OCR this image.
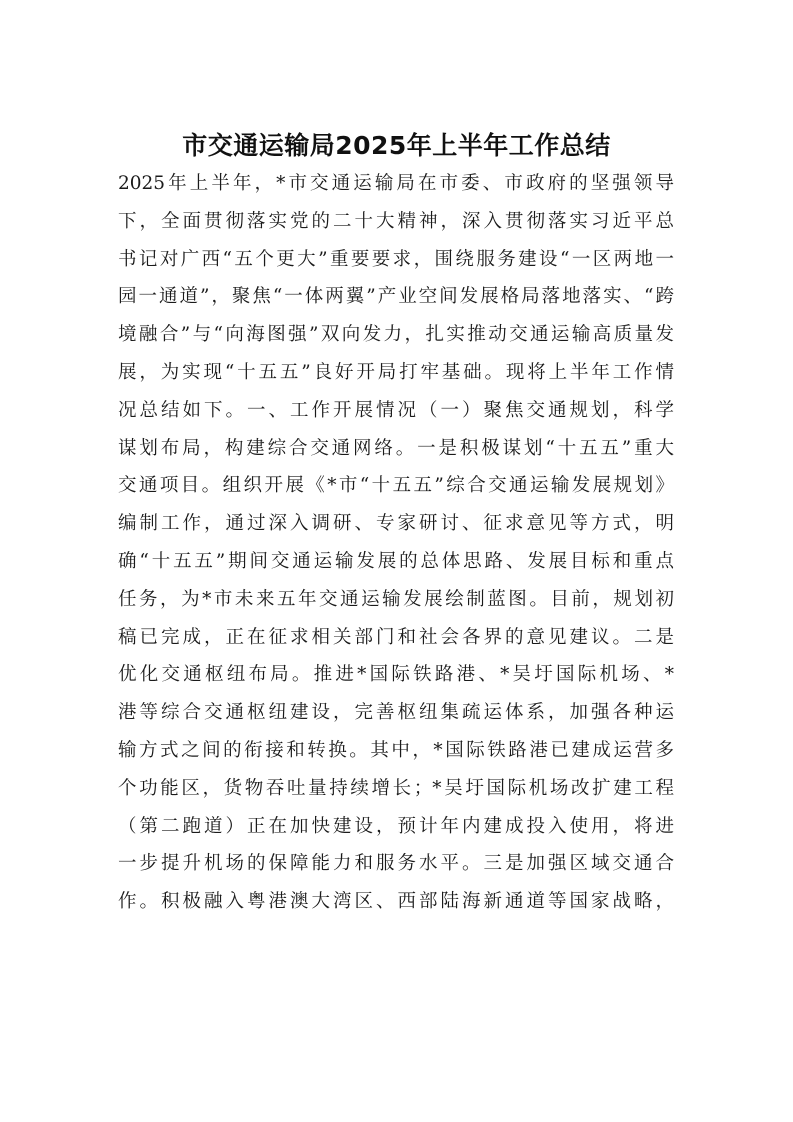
市交通运输局2025年上半年工作总结
2025年上半年，*市交通运输局在市委、市政府的坚强领导
下，全面贯彻落实党的二十大精神，深入贯彻落实习近平总
书记对广西“五个更大”重要要求，围绕服务建设“一区两地一
园一通道”，聚焦“一体两翼”产业空间发展格局落地落实、“跨
境融合”与“向海图强”双向发力，扎实推动交通运输高质量发
展，为实现“十五五”良好开局打牢基础。现将上半年工作情
况总结如下。一、工作开展情况（一）聚焦交通规划，科学
谋划布局，构建综合交通网络。一是积极谋划“十五五”重大
交通项目。组织开展《*市“十五五”综合交通运输发展规划》
编制工作，通过深入调研、专家研讨、征求意见等方式，明
确“十五五”期间交通运输发展的总体思路、发展目标和重点
任务，为*市未来五年交通运输发展绘制蓝图。目前，规划初
稿已完成，正在征求相关部门和社会各界的意见建议。二是
优化交通枢纽布局。推进*国际铁路港、*吴圩国际机场、*
港等综合交通枢纽建设，完善枢纽集疏运体系，加强各种运
输方式之间的衔接和转换。其中，*国际铁路港已建成运营多
个功能区，货物吞吐量持续增长；*吴圩国际机场改扩建工程
（第二跑道）正在加快建设，预计年内建成投入使用，将进
一步提升机场的保障能力和服务水平。三是加强区域交通合
作。积极融入粤港澳大湾区、西部陆海新通道等国家战略，
